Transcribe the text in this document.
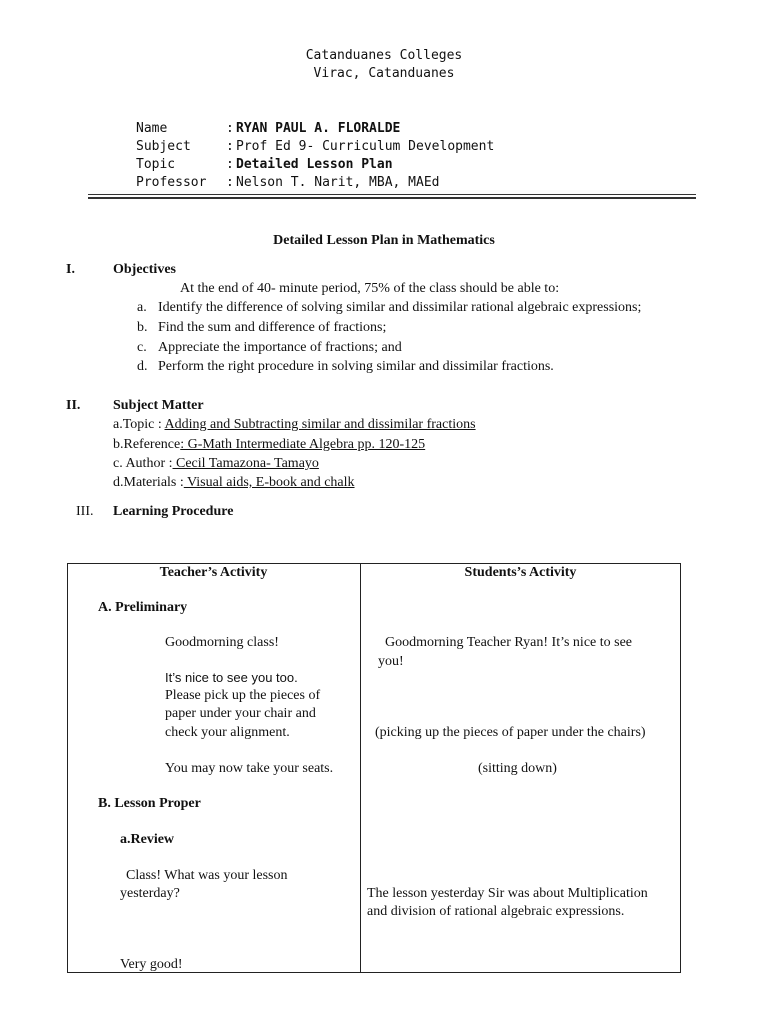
Catanduanes Colleges
Virac, Catanduanes
Name	: RYAN PAUL A. FLORALDE
Subject	: Prof Ed 9- Curriculum Development
Topic	: Detailed Lesson Plan
Professor : Nelson T. Narit, MBA, MAEd
Detailed Lesson Plan in Mathematics
I.	Objectives
At the end of 40- minute period, 75% of the class should be able to:
a. Identify the difference of solving similar and dissimilar rational algebraic expressions;
b. Find the sum and difference of fractions;
c. Appreciate the importance of fractions; and
d. Perform the right procedure in solving similar and dissimilar fractions.
II. Subject Matter
a.Topic : Adding and Subtracting similar and dissimilar fractions
b.Reference: G-Math Intermediate Algebra pp. 120-125
c. Author : Cecil Tamazona- Tamayo
d.Materials : Visual aids, E-book and chalk
III. Learning Procedure
Teacher’s Activity	Students’s Activity
A. Preliminary
Goodmorning class!	Goodmorning Teacher Ryan! It’s nice to see
you!
It’s nice to see you too.
Please pick up the pieces of
paper under your chair and
check your alignment.	(picking up the pieces of paper under the chairs)
You may now take your seats.	(sitting down)
B. Lesson Proper
a.Review
Class! What was your lesson
yesterday?	The lesson yesterday Sir was about Multiplication
and division of rational algebraic expressions.
Very good!
